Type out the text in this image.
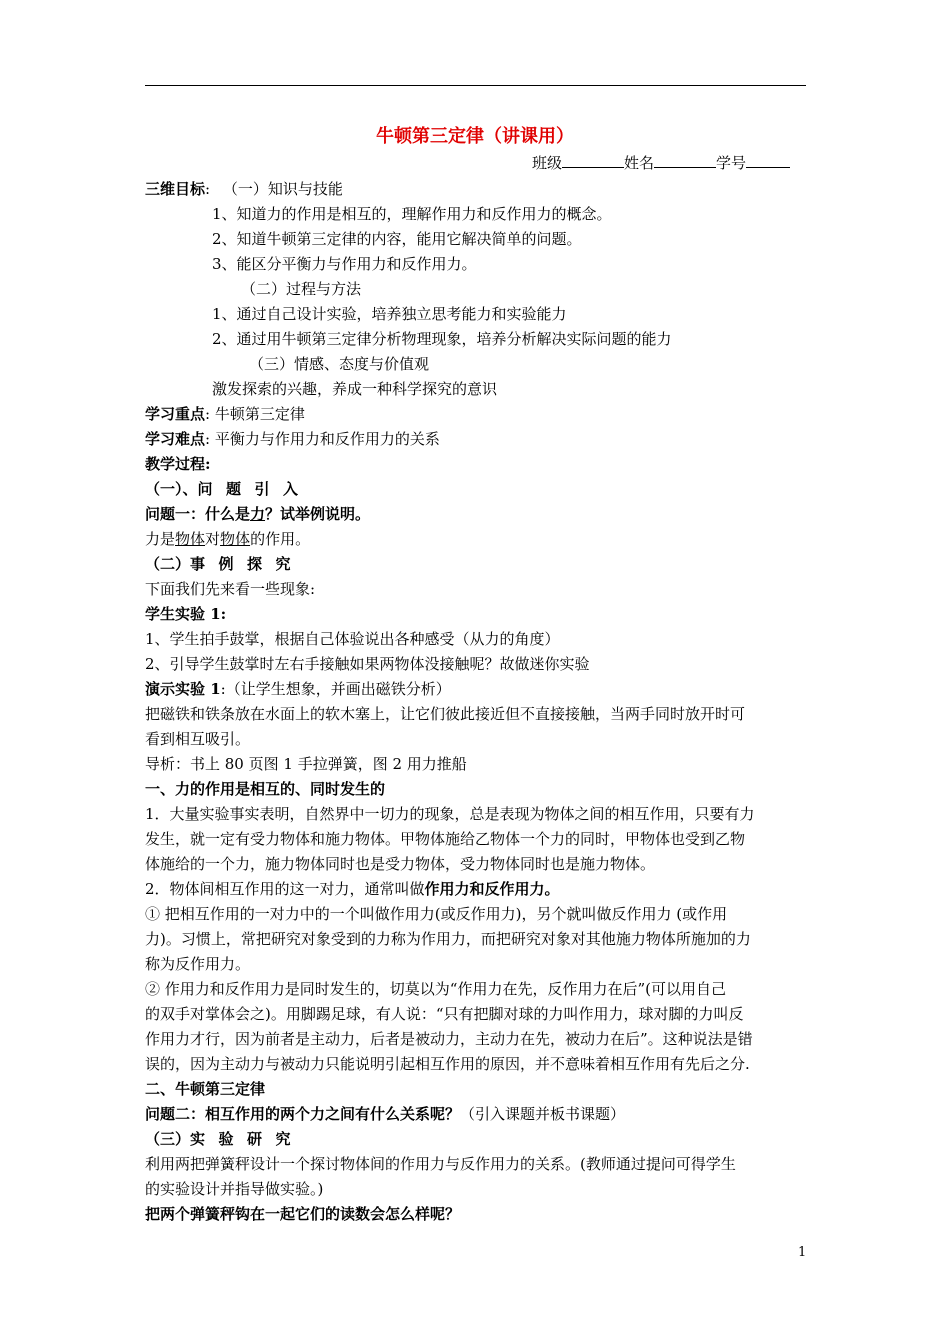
牛顿第三定律（讲课用）
班级	姓名	学号
三维目标: （一）知识与技能
1、知道力的作用是相互的，理解作用力和反作用力的概念。
2、知道牛顿第三定律的内容，能用它解决简单的问题。
3、能区分平衡力与作用力和反作用力。
（二）过程与方法
1、通过自己设计实验，培养独立思考能力和实验能力
2、通过用牛顿第三定律分析物理现象，培养分析解决实际问题的能力
（三）情感、态度与价值观
激发探索的兴趣，养成一种科学探究的意识
学习重点: 牛顿第三定律
学习难点: 平衡力与作用力和反作用力的关系
教学过程:
（一）、问题引入
问题一：什么是力？试举例说明。
力是物体对物体的作用。
（二）事例探究
下面我们先来看一些现象:
学生实验 1:
1、学生拍手鼓掌，根据自己体验说出各种感受（从力的角度）
2、引导学生鼓掌时左右手接触如果两物体没接触呢？故做迷你实验
演示实验 1:（让学生想象，并画出磁铁分析）
把磁铁和铁条放在水面上的软木塞上，让它们彼此接近但不直接接触，当两手同时放开时可
看到相互吸引。
导析：书上 80 页图 1 手拉弹簧，图 2 用力推船
一、力的作用是相互的、同时发生的
1．大量实验事实表明，自然界中一切力的现象，总是表现为物体之间的相互作用，只要有力
发生，就一定有受力物体和施力物体。甲物体施给乙物体一个力的同时，甲物体也受到乙物
体施给的一个力，施力物体同时也是受力物体，受力物体同时也是施力物体。
2．物体间相互作用的这一对力，通常叫做作用力和反作用力。
① 把相互作用的一对力中的一个叫做作用力(或反作用力)，另个就叫做反作用力 (或作用
力)。习惯上，常把研究对象受到的力称为作用力，而把研究对象对其他施力物体所施加的力
称为反作用力。
② 作用力和反作用力是同时发生的，切莫以为“作用力在先，反作用力在后”(可以用自己
的双手对掌体会之)。用脚踢足球，有人说：“只有把脚对球的力叫作用力，球对脚的力叫反
作用力才行，因为前者是主动力，后者是被动力，主动力在先，被动力在后”。这种说法是错
误的，因为主动力与被动力只能说明引起相互作用的原因，并不意味着相互作用有先后之分.
二、牛顿第三定律
问题二：相互作用的两个力之间有什么关系呢？（引入课题并板书课题）
（三）实验研究
利用两把弹簧秤设计一个探讨物体间的作用力与反作用力的关系。(教师通过提问可得学生
的实验设计并指导做实验。)
把两个弹簧秤钩在一起它们的读数会怎么样呢？
1
